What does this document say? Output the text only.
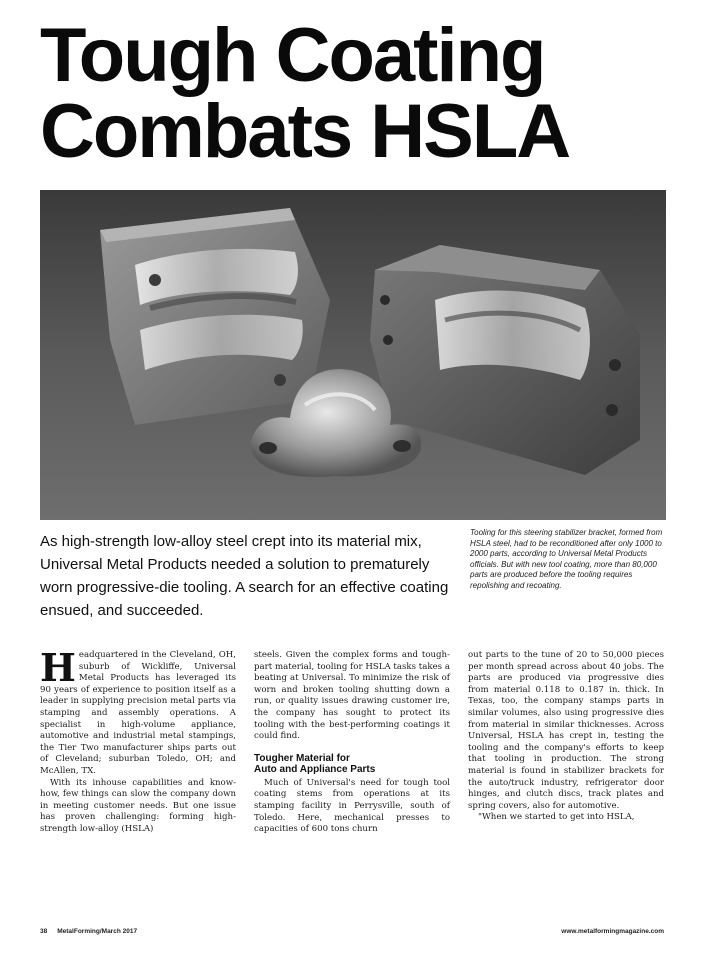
Tough Coating
Combats HSLA
As high-strength low-alloy steel crept into its material mix, Universal Metal Products needed a solution to prematurely worn progressive-die tooling. A search for an effective coating ensued, and succeeded.
Tooling for this steering stabilizer bracket, formed from HSLA steel, had to be reconditioned after only 1000 to 2000 parts, according to Universal Metal Products officials. But with new tool coating, more than 80,000 parts are produced before the tooling requires repolishing and recoating.

Headquartered in the Cleveland, OH, suburb of Wickliffe, Universal Metal Products has leveraged its 90 years of experience to position itself as a leader in supplying precision metal parts via stamping and assembly operations. A specialist in high-volume appliance, automotive and industrial metal stampings, the Tier Two manufacturer ships parts out of Cleveland; suburban Toledo, OH; and McAllen, TX.

With its inhouse capabilities and know-how, few things can slow the company down in meeting customer needs. But one issue has proven challenging: forming high-strength low-alloy (HSLA)

steels. Given the complex forms and tough-part material, tooling for HSLA tasks takes a beating at Universal. To minimize the risk of worn and broken tooling shutting down a run, or quality issues drawing customer ire, the company has sought to protect its tooling with the best-performing coatings it could find.

Tougher Material for
Auto and Appliance Parts

Much of Universal's need for tough tool coating stems from operations at its stamping facility in Perrysville, south of Toledo. Here, mechanical presses to capacities of 600 tons churn

out parts to the tune of 20 to 50,000 pieces per month spread across about 40 jobs. The parts are produced via progressive dies from material 0.118 to 0.187 in. thick. In Texas, too, the company stamps parts in similar volumes, also using progressive dies from material in similar thicknesses. Across Universal, HSLA has crept in, testing the tooling and the company's efforts to keep that tooling in production. The strong material is found in stabilizer brackets for the auto/truck industry, refrigerator door hinges, and clutch discs, track plates and spring covers, also for automotive.

"When we started to get into HSLA,

38 MetalForming/March 2017	www.metalformingmagazine.com
